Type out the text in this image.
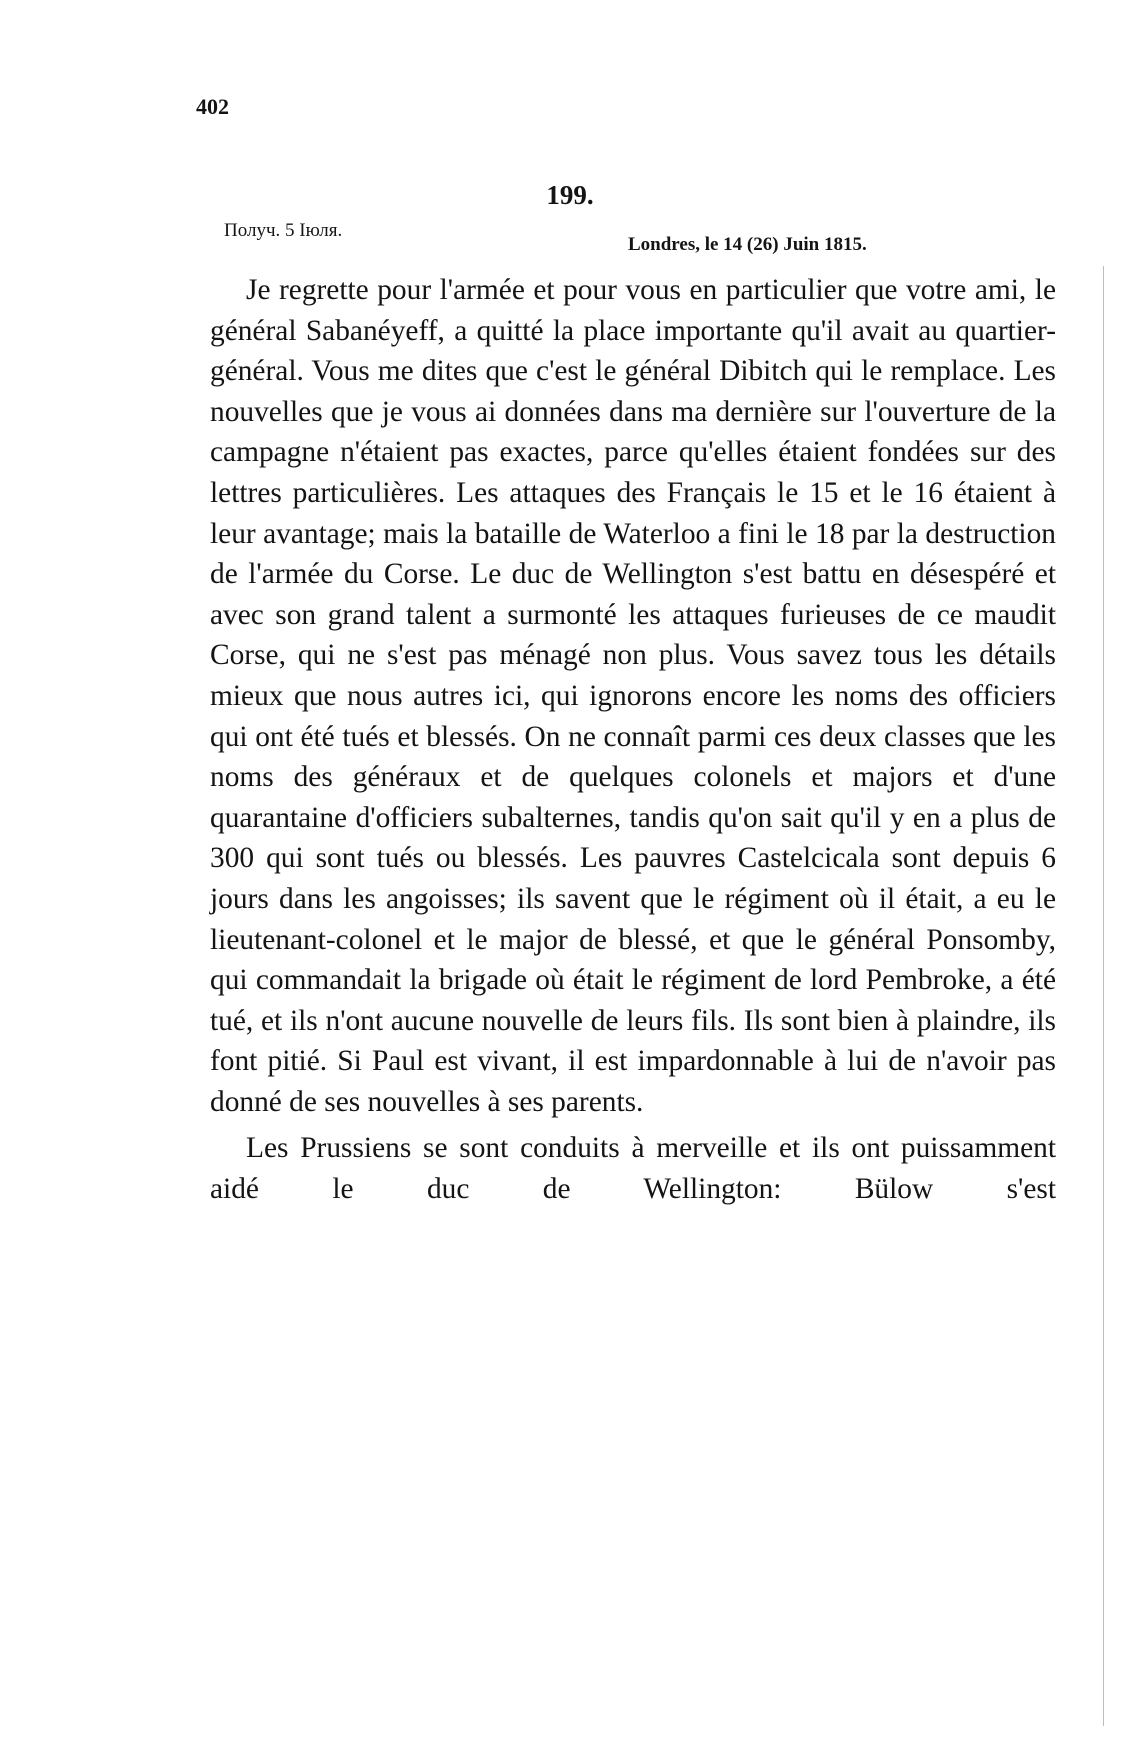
402
199.
Получ. 5 Іюля.
Londres, le 14 (26) Juin 1815.

Je regrette pour l'armée et pour vous en particulier que votre ami, le général Sabanéyeff, a quitté la place importante qu'il avait au quartier-général. Vous me dites que c'est le général Dibitch qui le remplace. Les nouvelles que je vous ai données dans ma dernière sur l'ouverture de la campagne n'étaient pas exactes, parce qu'elles étaient fondées sur des lettres particulières. Les attaques des Français le 15 et le 16 étaient à leur avantage; mais la bataille de Waterloo a fini le 18 par la destruction de l'armée du Corse. Le duc de Wellington s'est battu en désespéré et avec son grand talent a surmonté les attaques furieuses de ce maudit Corse, qui ne s'est pas ménagé non plus. Vous savez tous les détails mieux que nous autres ici, qui ignorons encore les noms des officiers qui ont été tués et blessés. On ne connaît parmi ces deux classes que les noms des généraux et de quelques colonels et majors et d'une quarantaine d'officiers subalternes, tandis qu'on sait qu'il y en a plus de 300 qui sont tués ou blessés. Les pauvres Castelcicala sont depuis 6 jours dans les angoisses; ils savent que le régiment où il était, a eu le lieutenant-colonel et le major de blessé, et que le général Ponsomby, qui commandait la brigade où était le régiment de lord Pembroke, a été tué, et ils n'ont aucune nouvelle de leurs fils. Ils sont bien à plaindre, ils font pitié. Si Paul est vivant, il est impardonnable à lui de n'avoir pas donné de ses nouvelles à ses parents.

Les Prussiens se sont conduits à merveille et ils ont puissamment aidé le duc de Wellington: Bülow s'est
